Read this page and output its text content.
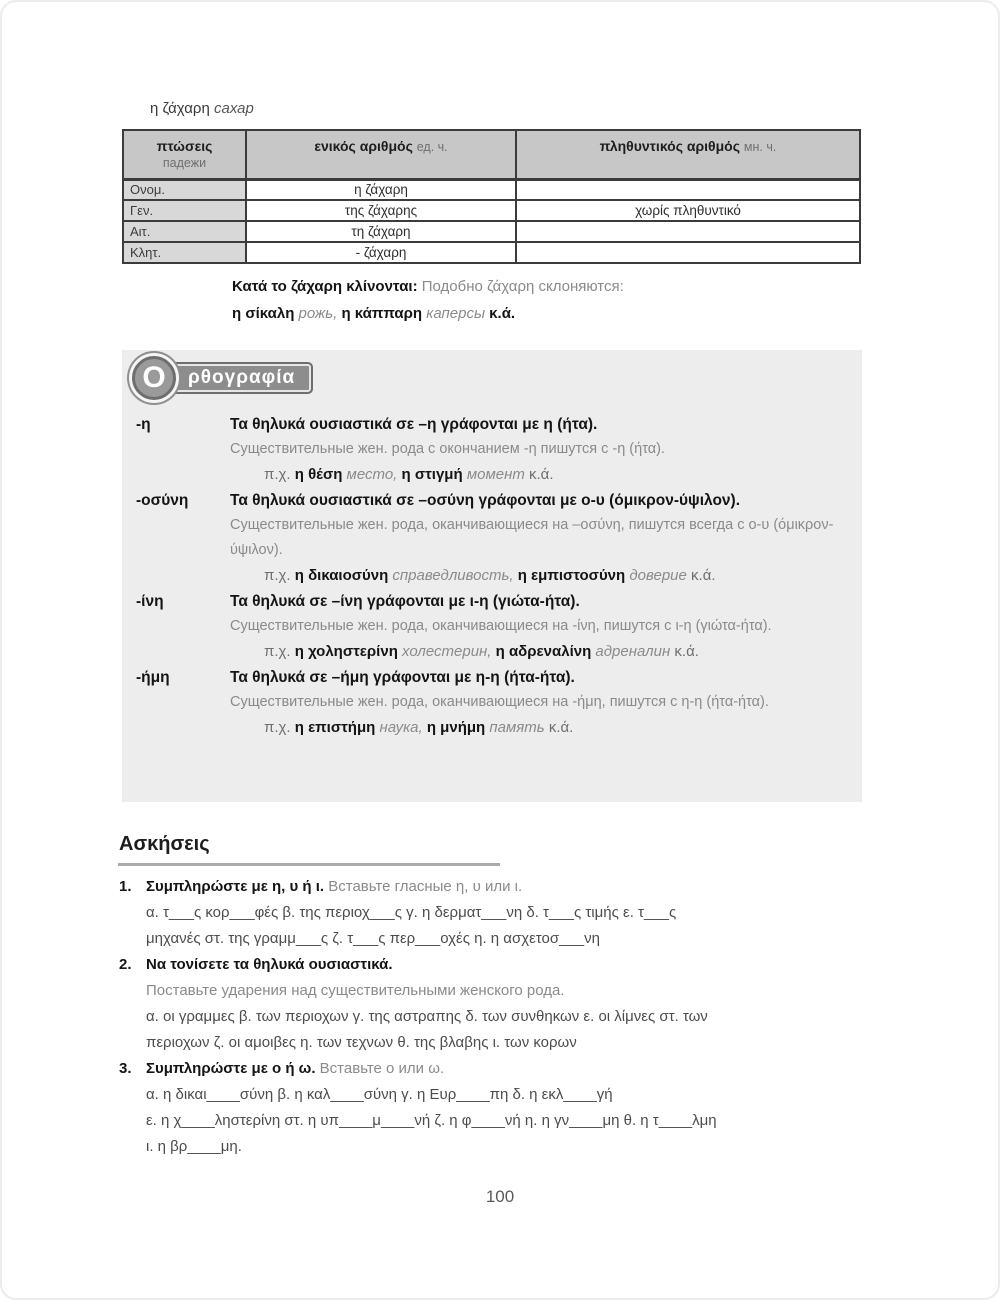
η ζάχαρη сахар
πτώσεις
падежи	ενικός αριθμός ед. ч.	πληθυντικός αριθμός мн. ч.
Ονομ.	η ζάχαρη	
Γεν.	της ζάχαρης	χωρίς πληθυντικό
Αιτ.	τη ζάχαρη	
Κλητ.	- ζάχαρη	
Κατά το ζάχαρη κλίνονται: Подобно ζάχαρη склоняются:
η σίκαλη рожь, η κάππαρη каперсы κ.ά.
Ο	ρθογραφία
-η	Τα θηλυκά ουσιαστικά σε –η γράφονται με η (ήτα).
Существительные жен. рода с окончанием -η пишутся с -η (ήτα).
π.χ. η θέση место, η στιγμή момент κ.ά.
-οσύνη	Τα θηλυκά ουσιαστικά σε –οσύνη γράφονται με ο-υ (όμικρον-ύψιλον).
Существительные жен. рода, оканчивающиеся на –οσύνη, пишутся всегда с ο-υ (όμικρον-ύψιλον).
π.χ. η δικαιοσύνη справедливость, η εμπιστοσύνη доверие κ.ά.
-ίνη	Τα θηλυκά σε –ίνη γράφονται με ι-η (γιώτα-ήτα).
Существительные жен. рода, оканчивающиеся на -ίνη, пишутся с ι-η (γιώτα-ήτα).
π.χ. η χοληστερίνη холестерин, η αδρεναλίνη адреналин κ.ά.
-ήμη	Τα θηλυκά σε –ήμη γράφονται με η-η (ήτα-ήτα).
Существительные жен. рода, оканчивающиеся на -ήμη, пишутся с η-η (ήτα-ήτα).
π.χ. η επιστήμη наука, η μνήμη память κ.ά.
Ασκήσεις
1. Συμπληρώστε με η, υ ή ι. Вставьте гласные η, υ или ι.
α. τ___ς κορ___φές β. της περιοχ___ς γ. η δερματ___νη δ. τ___ς τιμής ε. τ___ς
μηχανές στ. της γραμμ___ς ζ. τ___ς περ___οχές η. η ασχετοσ___νη
2. Να τονίσετε τα θηλυκά ουσιαστικά.
Поставьте ударения над существительными женского рода.
α. οι γραμμες β. των περιοχων γ. της αστραπης δ. των συνθηκων ε. οι λίμνες στ. των
περιοχων ζ. οι αμοιβες η. των τεχνων θ. της βλαβης ι. των κορων
3. Συμπληρώστε με ο ή ω. Вставьте ο или ω.
α. η δικαι____σύνη β. η καλ____σύνη γ. η Ευρ____πη δ. η εκλ____γή
ε. η χ____ληστερίνη στ. η υπ____μ____νή ζ. η φ____νή η. η γν____μη θ. η τ____λμη
ι. η βρ____μη.
100
